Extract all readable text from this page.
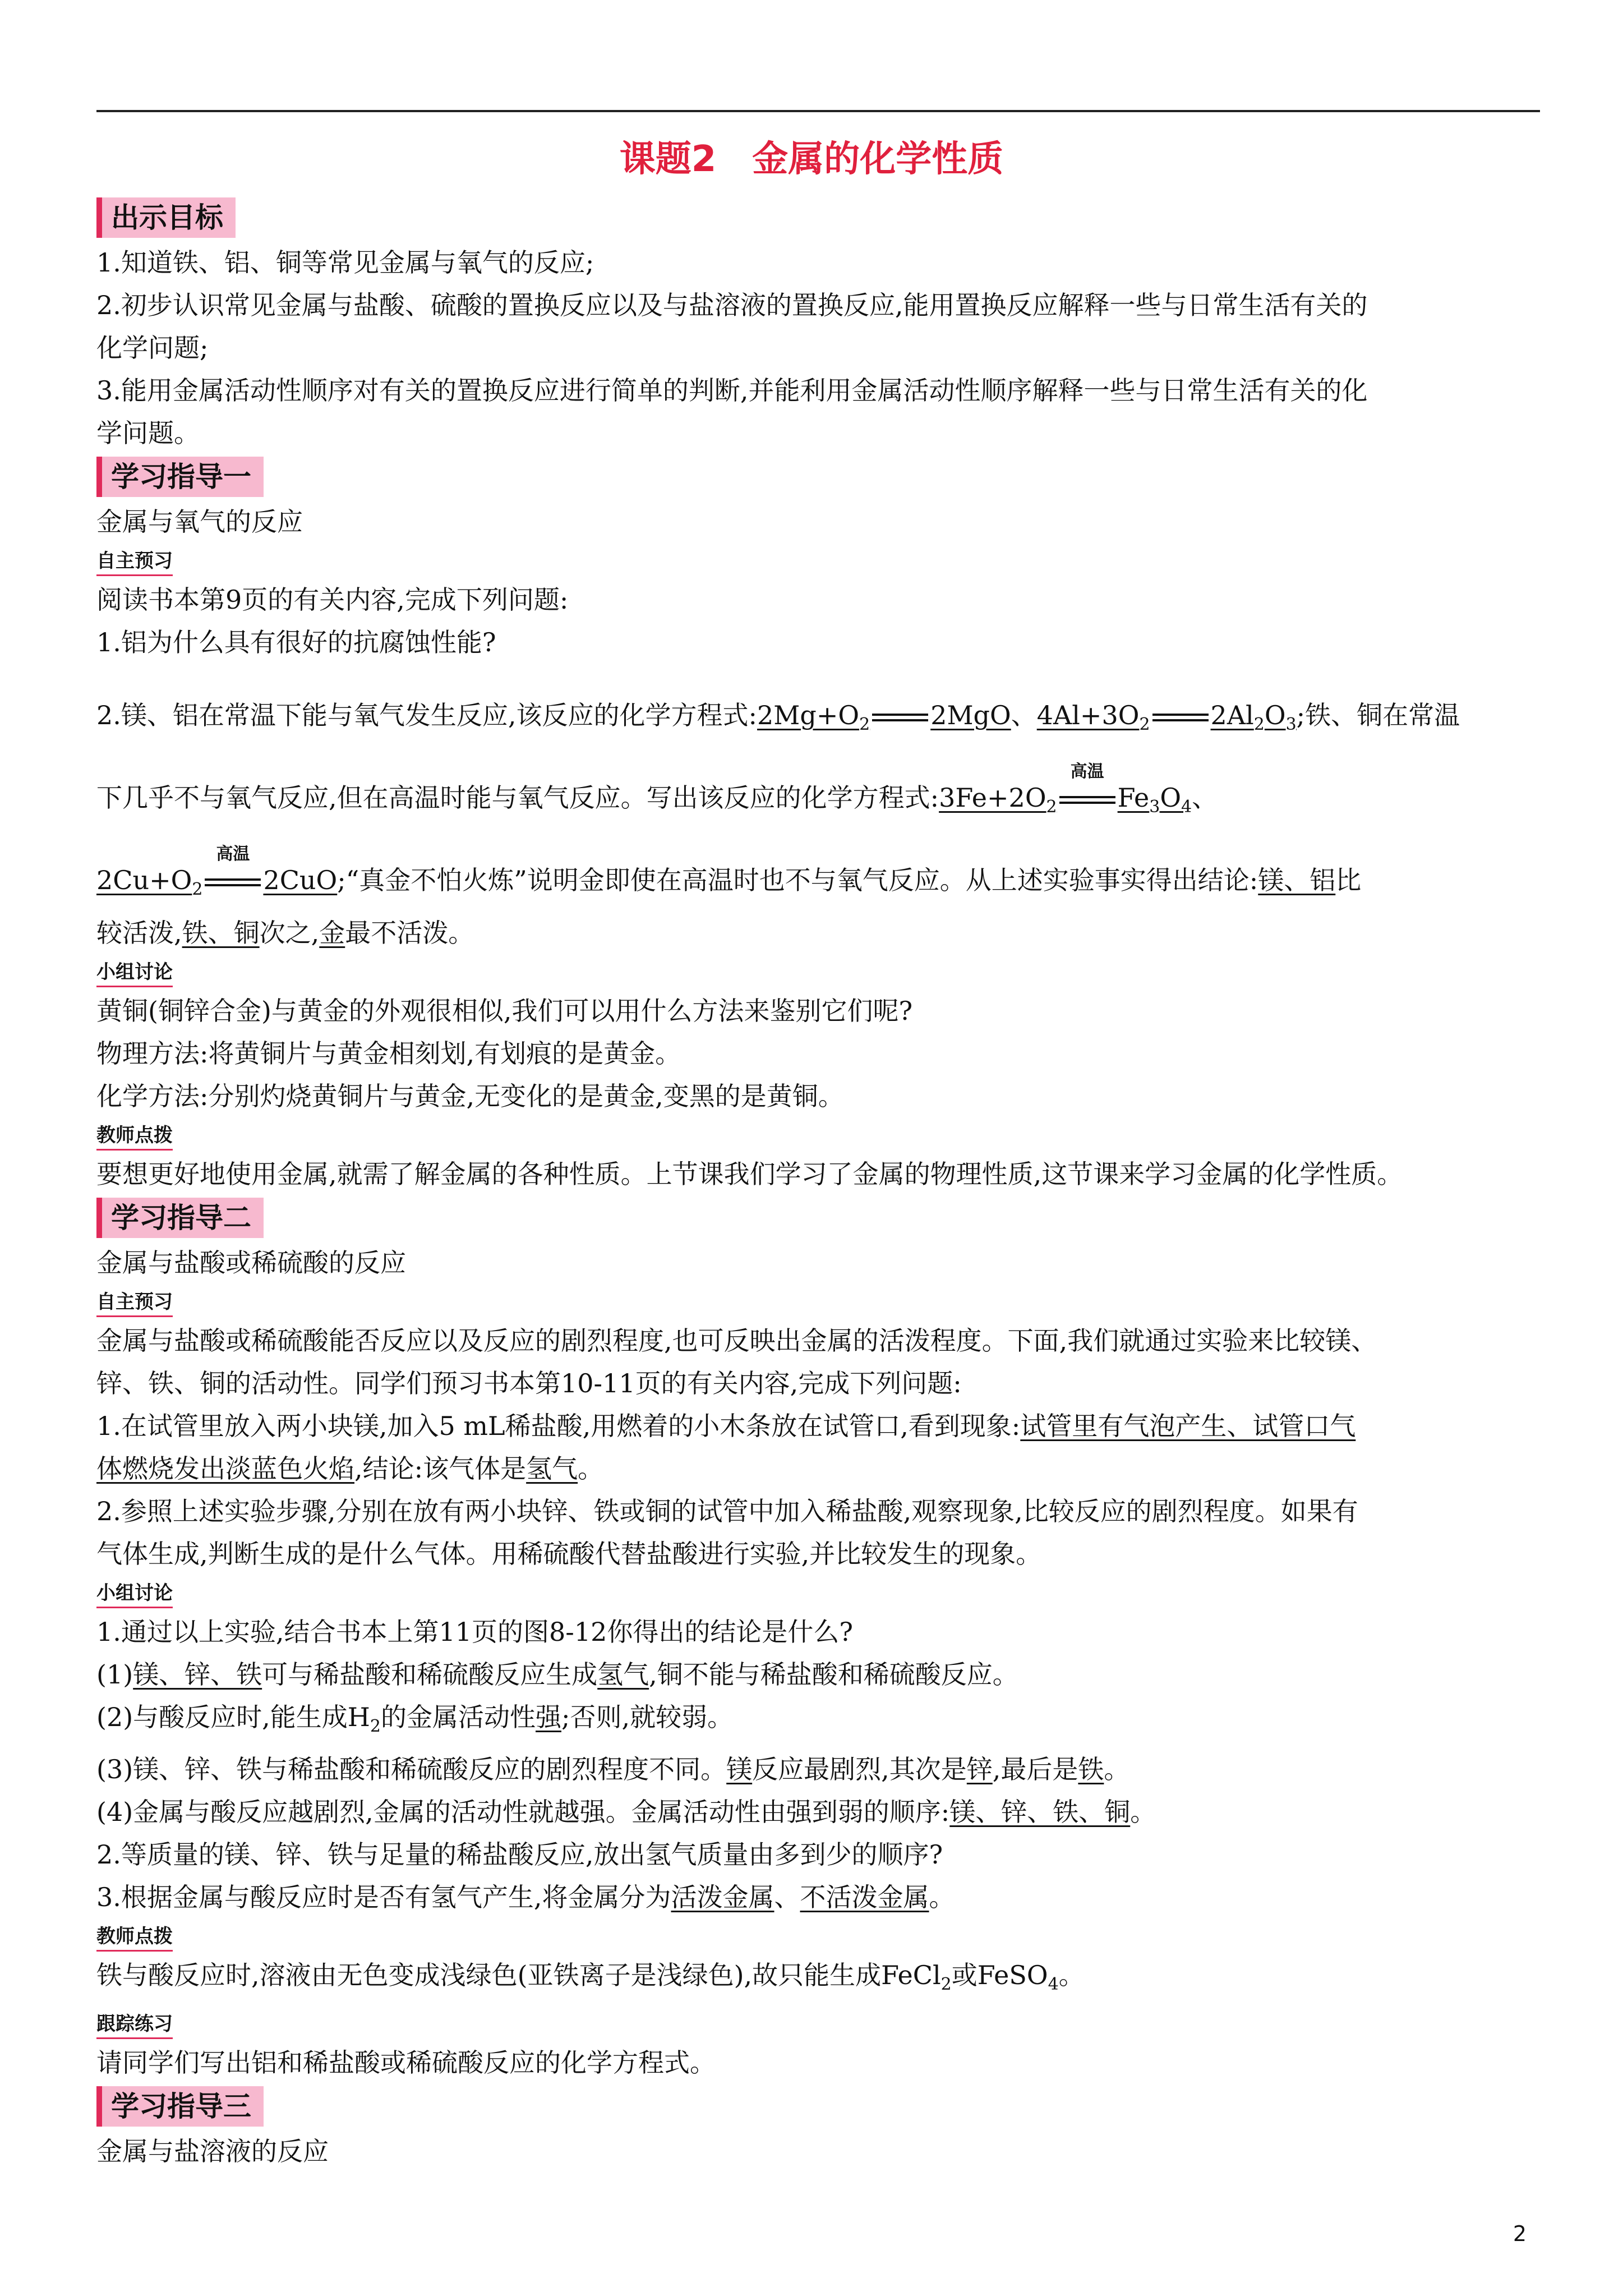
课题2　金属的化学性质
出示目标
1.知道铁、铝、铜等常见金属与氧气的反应;
2.初步认识常见金属与盐酸、硫酸的置换反应以及与盐溶液的置换反应,能用置换反应解释一些与日常生活有关的
化学问题;
3.能用金属活动性顺序对有关的置换反应进行简单的判断,并能利用金属活动性顺序解释一些与日常生活有关的化
学问题。
学习指导一
金属与氧气的反应
自主预习
阅读书本第9页的有关内容,完成下列问题:
1.铝为什么具有很好的抗腐蚀性能?
2.镁、铝在常温下能与氧气发生反应,该反应的化学方程式$:2Mg+O_2$ 2MgO、$4Al+3O_2$ $2Al_2O_3$;铁、铜在常温
下几乎不与氧气反应,但在高温时能与氧气反应。写出该反应的化学方程式$:3Fe+2O_2$
高温
$Fe_3O_4$、
$2Cu+O_2$
高温
2CuO;“真金不怕火炼”说明金即使在高温时也不与氧气反应。从上述实验事实得出结论:镁、铝比
较活泼,铁、铜次之,金最不活泼。
小组讨论
黄铜(铜锌合金)与黄金的外观很相似,我们可以用什么方法来鉴别它们呢?
物理方法:将黄铜片与黄金相刻划,有划痕的是黄金。
化学方法:分别灼烧黄铜片与黄金,无变化的是黄金,变黑的是黄铜。
教师点拨
要想更好地使用金属,就需了解金属的各种性质。上节课我们学习了金属的物理性质,这节课来学习金属的化学性质。
学习指导二
金属与盐酸或稀硫酸的反应
自主预习
金属与盐酸或稀硫酸能否反应以及反应的剧烈程度,也可反映出金属的活泼程度。下面,我们就通过实验来比较镁、
锌、铁、铜的活动性。同学们预习书本第10-11页的有关内容,完成下列问题:
1.在试管里放入两小块镁,加入5 mL稀盐酸,用燃着的小木条放在试管口,看到现象:试管里有气泡产生、试管口气
体燃烧发出淡蓝色火焰,结论:该气体是氢气。
2.参照上述实验步骤,分别在放有两小块锌、铁或铜的试管中加入稀盐酸,观察现象,比较反应的剧烈程度。如果有
气体生成,判断生成的是什么气体。用稀硫酸代替盐酸进行实验,并比较发生的现象。
小组讨论
1.通过以上实验,结合书本上第11页的图8-12你得出的结论是什么?
(1)镁、锌、铁可与稀盐酸和稀硫酸反应生成氢气,铜不能与稀盐酸和稀硫酸反应。
(2)与酸反应时,能生成$H_2$的金属活动性强;否则,就较弱。
(3)镁、锌、铁与稀盐酸和稀硫酸反应的剧烈程度不同。镁反应最剧烈,其次是锌,最后是铁。
(4)金属与酸反应越剧烈,金属的活动性就越强。金属活动性由强到弱的顺序:镁、锌、铁、铜。
2.等质量的镁、锌、铁与足量的稀盐酸反应,放出氢气质量由多到少的顺序?
3.根据金属与酸反应时是否有氢气产生,将金属分为活泼金属、不活泼金属。
教师点拨
铁与酸反应时,溶液由无色变成浅绿色(亚铁离子是浅绿色),故只能生成FeCl$_2$或FeSO$_4$。
跟踪练习
请同学们写出铝和稀盐酸或稀硫酸反应的化学方程式。
学习指导三
金属与盐溶液的反应
2
